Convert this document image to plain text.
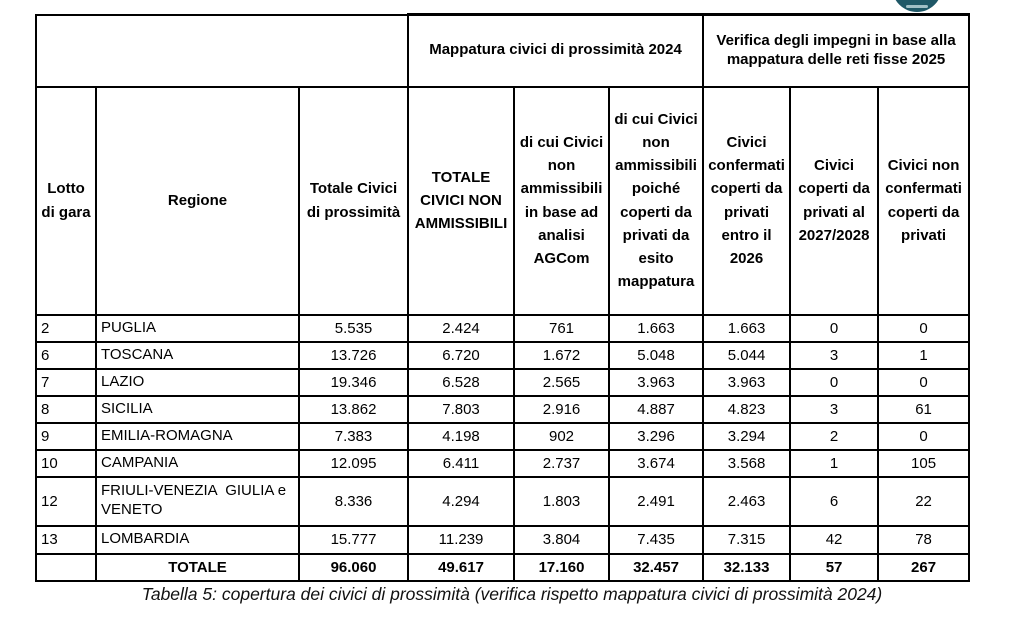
			Mappatura civici di prossimità 2024			Verifica degli impegni in base alla mappatura delle reti fisse 2025		
Lotto di gara	Regione	Totale Civici di prossimità	TOTALE CIVICI NON AMMISSIBILI	di cui Civici non ammissibili in base ad analisi AGCom	di cui Civici non ammissibili poiché coperti da privati da esito mappatura	Civici confermati coperti da privati entro il 2026	Civici coperti da privati al 2027/2028	Civici non confermati coperti da privati
2	PUGLIA	5.535	2.424	761	1.663	1.663	0	0
6	TOSCANA	13.726	6.720	1.672	5.048	5.044	3	1
7	LAZIO	19.346	6.528	2.565	3.963	3.963	0	0
8	SICILIA	13.862	7.803	2.916	4.887	4.823	3	61
9	EMILIA-ROMAGNA	7.383	4.198	902	3.296	3.294	2	0
10	CAMPANIA	12.095	6.411	2.737	3.674	3.568	1	105
12	FRIULI-VENEZIA  GIULIA e VENETO	8.336	4.294	1.803	2.491	2.463	6	22
13	LOMBARDIA	15.777	11.239	3.804	7.435	7.315	42	78
	TOTALE	96.060	49.617	17.160	32.457	32.133	57	267
Tabella 5: copertura dei civici di prossimità (verifica rispetto mappatura civici di prossimità 2024)
